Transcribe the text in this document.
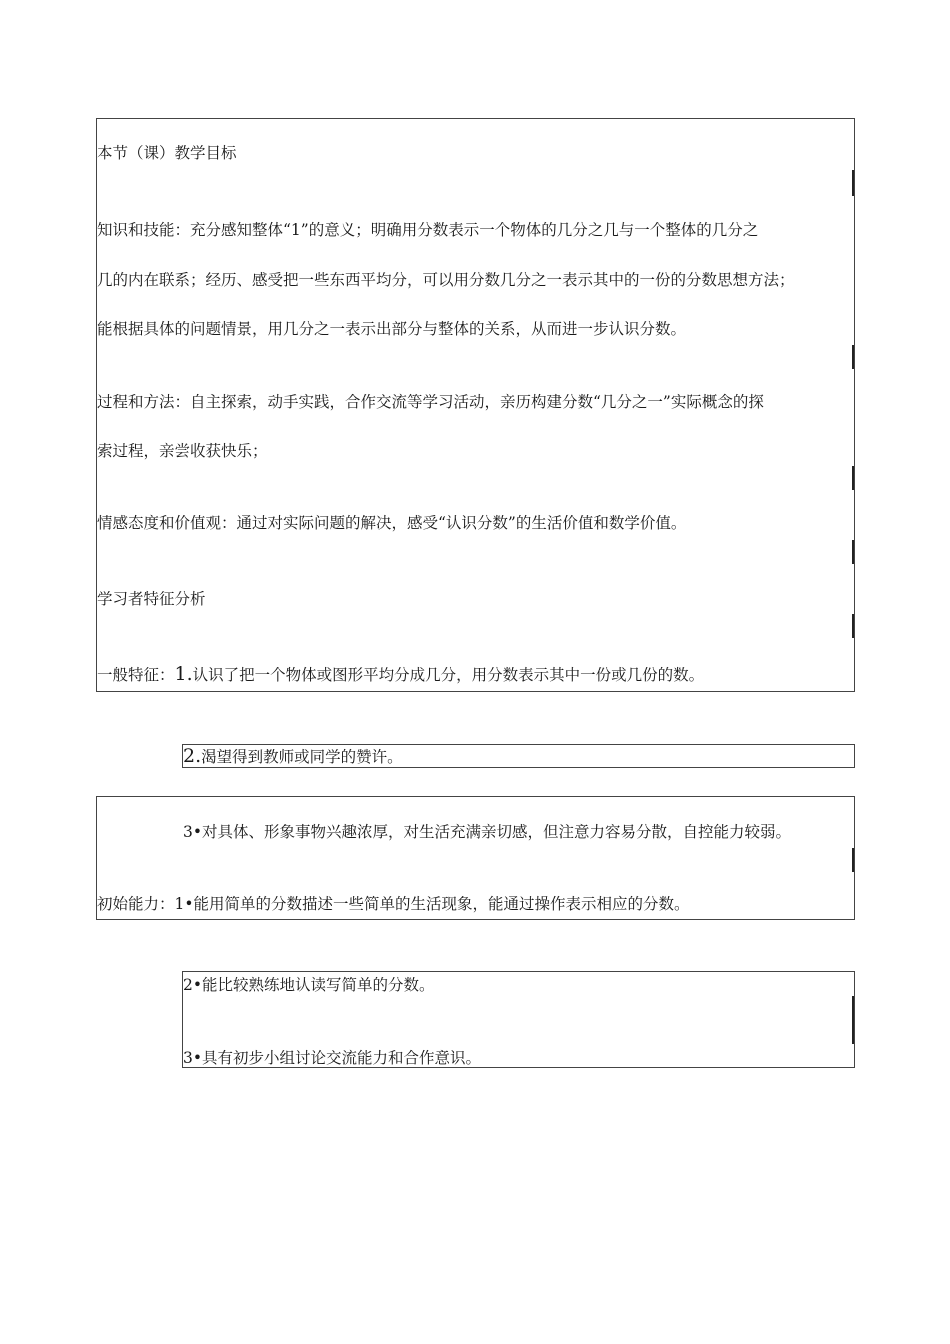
本节（课）教学目标
知识和技能：充分感知整体“1”的意义；明确用分数表示一个物体的几分之几与一个整体的几分之
几的内在联系；经历、感受把一些东西平均分，可以用分数几分之一表示其中的一份的分数思想方法；
能根据具体的问题情景，用几分之一表示出部分与整体的关系，从而进一步认识分数。
过程和方法：自主探索，动手实践，合作交流等学习活动，亲历构建分数“几分之一”实际概念的探
索过程，亲尝收获快乐；
情感态度和价值观：通过对实际问题的解决，感受“认识分数”的生活价值和数学价值。
学习者特征分析
一般特征：1.认识了把一个物体或图形平均分成几分，用分数表示其中一份或几份的数。
2.渴望得到教师或同学的赞许。
3•对具体、形象事物兴趣浓厚，对生活充满亲切感，但注意力容易分散，自控能力较弱。
初始能力：1•能用简单的分数描述一些简单的生活现象，能通过操作表示相应的分数。
2•能比较熟练地认读写简单的分数。
3•具有初步小组讨论交流能力和合作意识。
